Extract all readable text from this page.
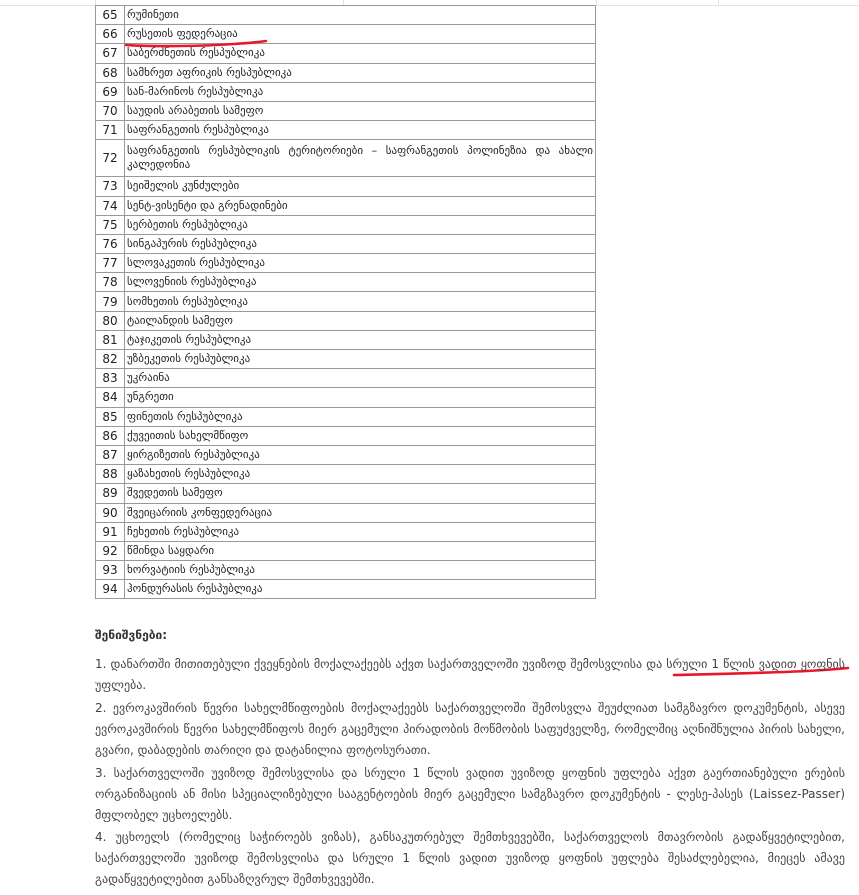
65	რუმინეთი
66	რუსეთის ფედერაცია
67	საბერძნეთის რესპუბლიკა
68	სამხრეთ აფრიკის რესპუბლიკა
69	სან-მარინოს რესპუბლიკა
70	საუდის არაბეთის სამეფო
71	საფრანგეთის რესპუბლიკა
72	საფრანგეთის რესპუბლიკის ტერიტორიები – საფრანგეთის პოლინეზია და ახალი კალედონია
73	სეიშელის კუნძულები
74	სენტ-ვისენტი და გრენადინები
75	სერბეთის რესპუბლიკა
76	სინგაპურის რესპუბლიკა
77	სლოვაკეთის რესპუბლიკა
78	სლოვენიის რესპუბლიკა
79	სომხეთის რესპუბლიკა
80	ტაილანდის სამეფო
81	ტაჯიკეთის რესპუბლიკა
82	უზბეკეთის რესპუბლიკა
83	უკრაინა
84	უნგრეთი
85	ფინეთის რესპუბლიკა
86	ქუვეითის სახელმწიფო
87	ყირგიზეთის რესპუბლიკა
88	ყაზახეთის რესპუბლიკა
89	შვედეთის სამეფო
90	შვეიცარიის კონფედერაცია
91	ჩეხეთის რესპუბლიკა
92	წმინდა საყდარი
93	ხორვატიის რესპუბლიკა
94	ჰონდურასის რესპუბლიკა
შენიშვნები:
1. დანართში მითითებული ქვეყნების მოქალაქეებს აქვთ საქართველოში უვიზოდ შემოსვლისა და სრული 1 წლის ვადით ყოფნის უფლება.
2. ევროკავშირის წევრი სახელმწიფოების მოქალაქეებს საქართველოში შემოსვლა შეუძლიათ სამგზავრო დოკუმენტის, ასევე ევროკავშირის წევრი სახელმწიფოს მიერ გაცემული პირადობის მოწმობის საფუძველზე, რომელშიც აღნიშნულია პირის სახელი, გვარი, დაბადების თარიღი და დატანილია ფოტოსურათი.
3. საქართველოში უვიზოდ შემოსვლისა და სრული 1 წლის ვადით უვიზოდ ყოფნის უფლება აქვთ გაერთიანებული ერების ორგანიზაციის ან მისი სპეციალიზებული სააგენტოების მიერ გაცემული სამგზავრო დოკუმენტის - ლესე-პასეს (Laissez-Passer) მფლობელ უცხოელებს.
4. უცხოელს (რომელიც საჭიროებს ვიზას), განსაკუთრებულ შემთხვევებში, საქართველოს მთავრობის გადაწყვეტილებით, საქართველოში უვიზოდ შემოსვლისა და სრული 1 წლის ვადით უვიზოდ ყოფნის უფლება შესაძლებელია, მიეცეს ამავე გადაწყვეტილებით განსაზღვრულ შემთხვევებში.
